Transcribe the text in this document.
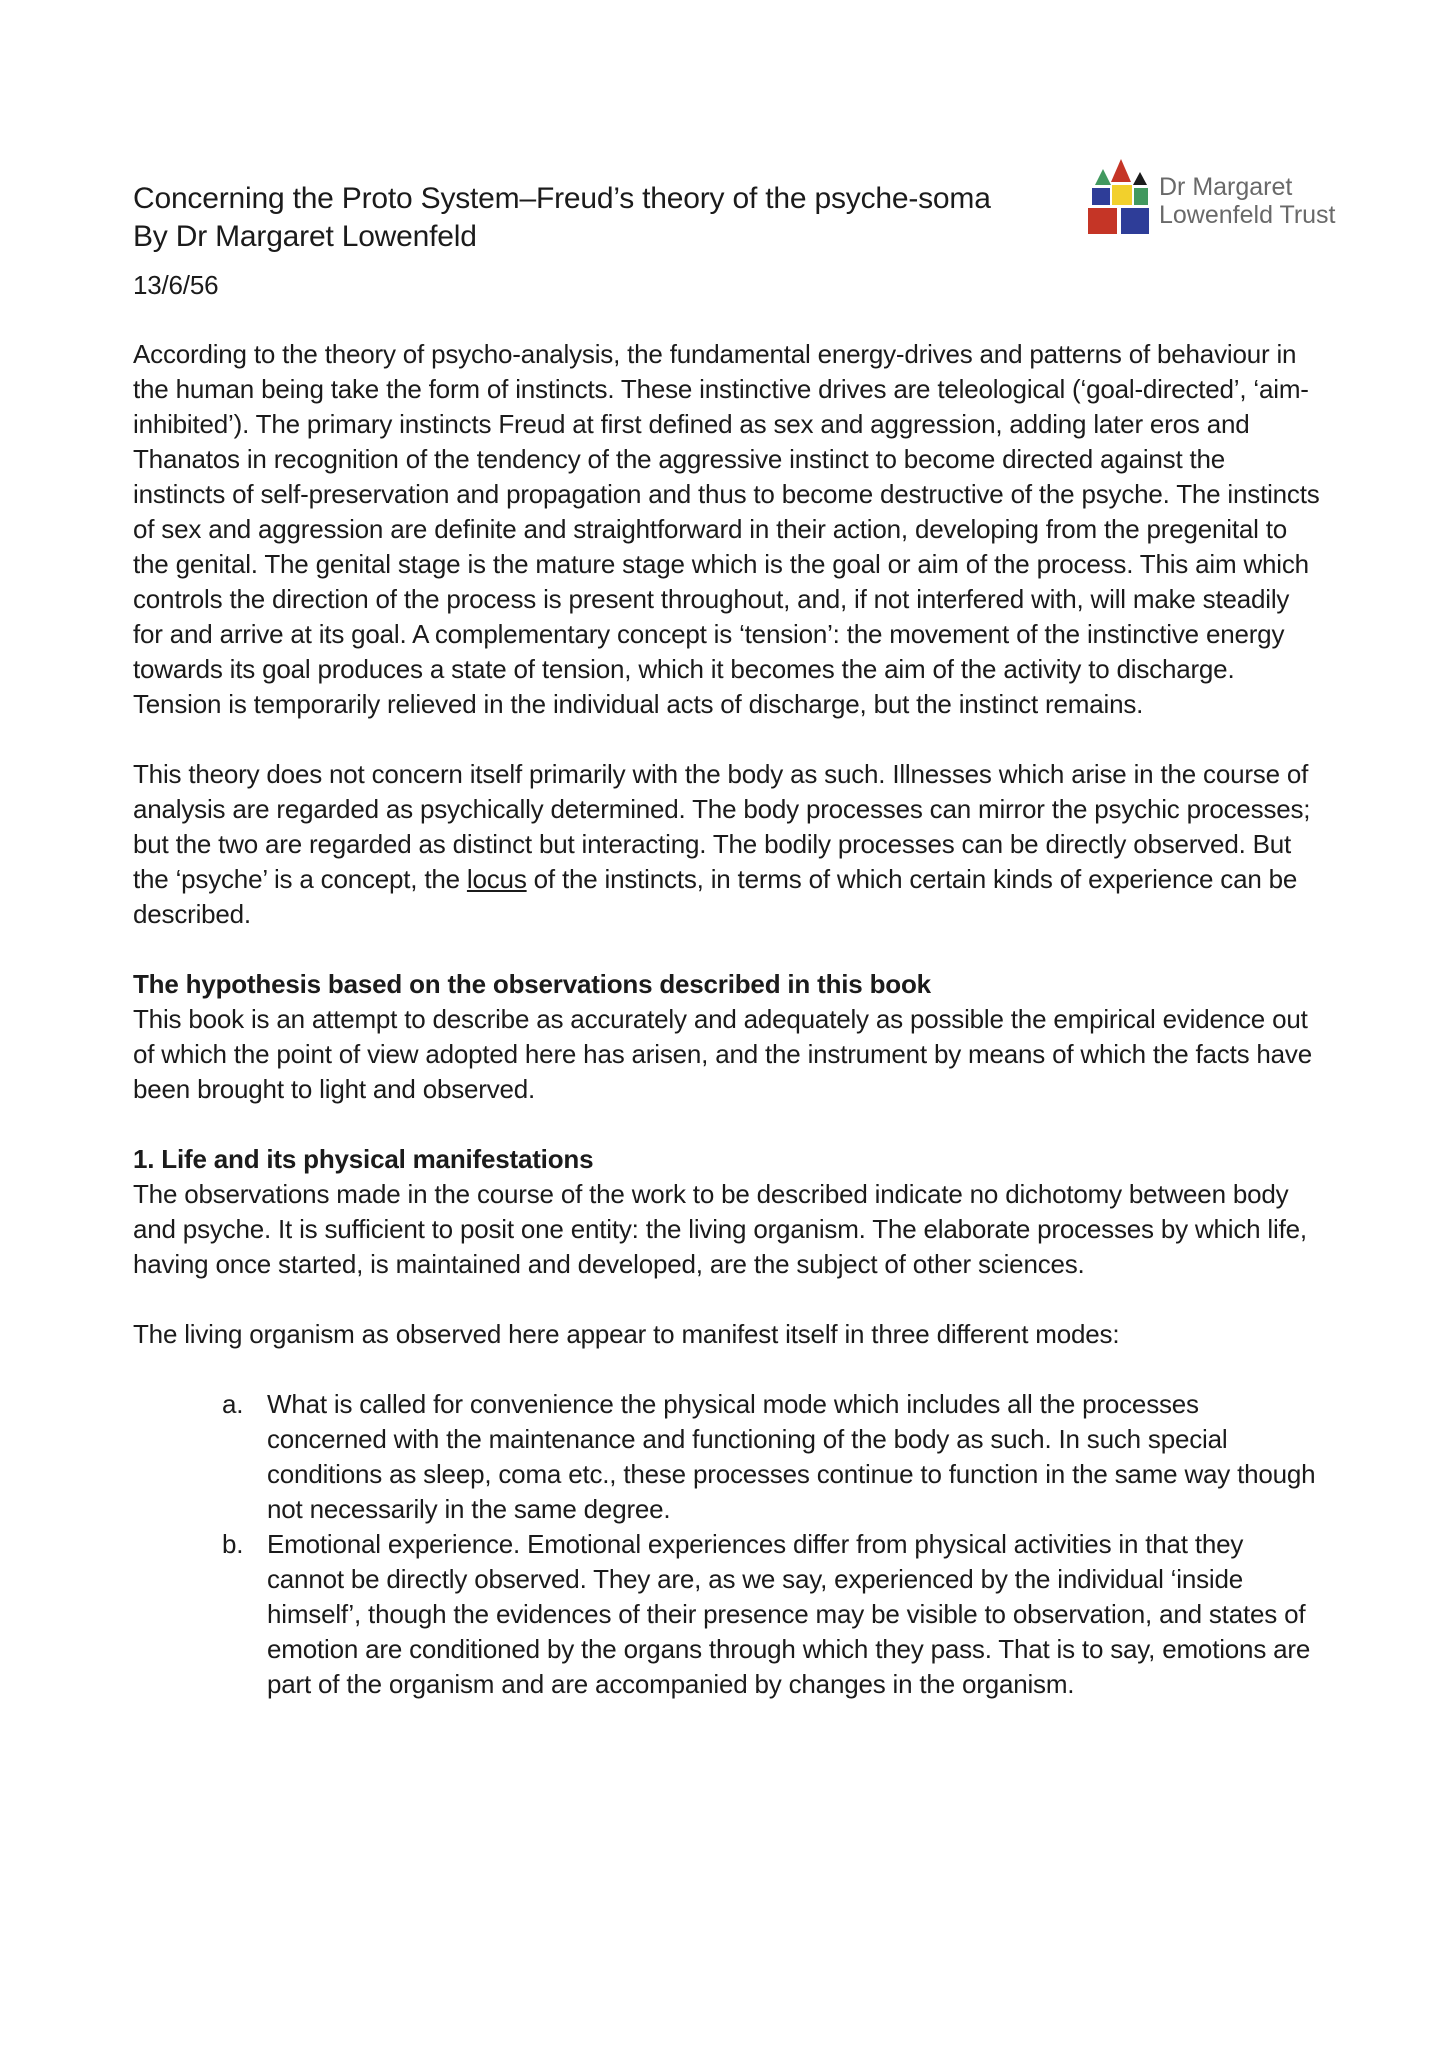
Dr Margaret
Lowenfeld Trust
Concerning the Proto System–Freud’s theory of the psyche-soma
By Dr Margaret Lowenfeld
13/6/56

According to the theory of psycho-analysis, the fundamental energy-drives and patterns of behaviour in the human being take the form of instincts. These instinctive drives are teleological (‘goal-directed’, ‘aim-inhibited’). The primary instincts Freud at first defined as sex and aggression, adding later eros and Thanatos in recognition of the tendency of the aggressive instinct to become directed against the instincts of self-preservation and propagation and thus to become destructive of the psyche. The instincts of sex and aggression are definite and straightforward in their action, developing from the pregenital to the genital. The genital stage is the mature stage which is the goal or aim of the process. This aim which controls the direction of the process is present throughout, and, if not interfered with, will make steadily for and arrive at its goal. A complementary concept is ‘tension’: the movement of the instinctive energy towards its goal produces a state of tension, which it becomes the aim of the activity to discharge. Tension is temporarily relieved in the individual acts of discharge, but the instinct remains.

This theory does not concern itself primarily with the body as such. Illnesses which arise in the course of analysis are regarded as psychically determined. The body processes can mirror the psychic processes; but the two are regarded as distinct but interacting. The bodily processes can be directly observed. But the ‘psyche’ is a concept, the locus of the instincts, in terms of which certain kinds of experience can be described.

The hypothesis based on the observations described in this book

This book is an attempt to describe as accurately and adequately as possible the empirical evidence out of which the point of view adopted here has arisen, and the instrument by means of which the facts have been brought to light and observed.

1. Life and its physical manifestations

The observations made in the course of the work to be described indicate no dichotomy between body and psyche. It is sufficient to posit one entity: the living organism. The elaborate processes by which life, having once started, is maintained and developed, are the subject of other sciences.

The living organism as observed here appear to manifest itself in three different modes:

a. What is called for convenience the physical mode which includes all the processes concerned with the maintenance and functioning of the body as such. In such special conditions as sleep, coma etc., these processes continue to function in the same way though not necessarily in the same degree.
b. Emotional experience. Emotional experiences differ from physical activities in that they cannot be directly observed. They are, as we say, experienced by the individual ‘inside himself’, though the evidences of their presence may be visible to observation, and states of emotion are conditioned by the organs through which they pass. That is to say, emotions are part of the organism and are accompanied by changes in the organism.
